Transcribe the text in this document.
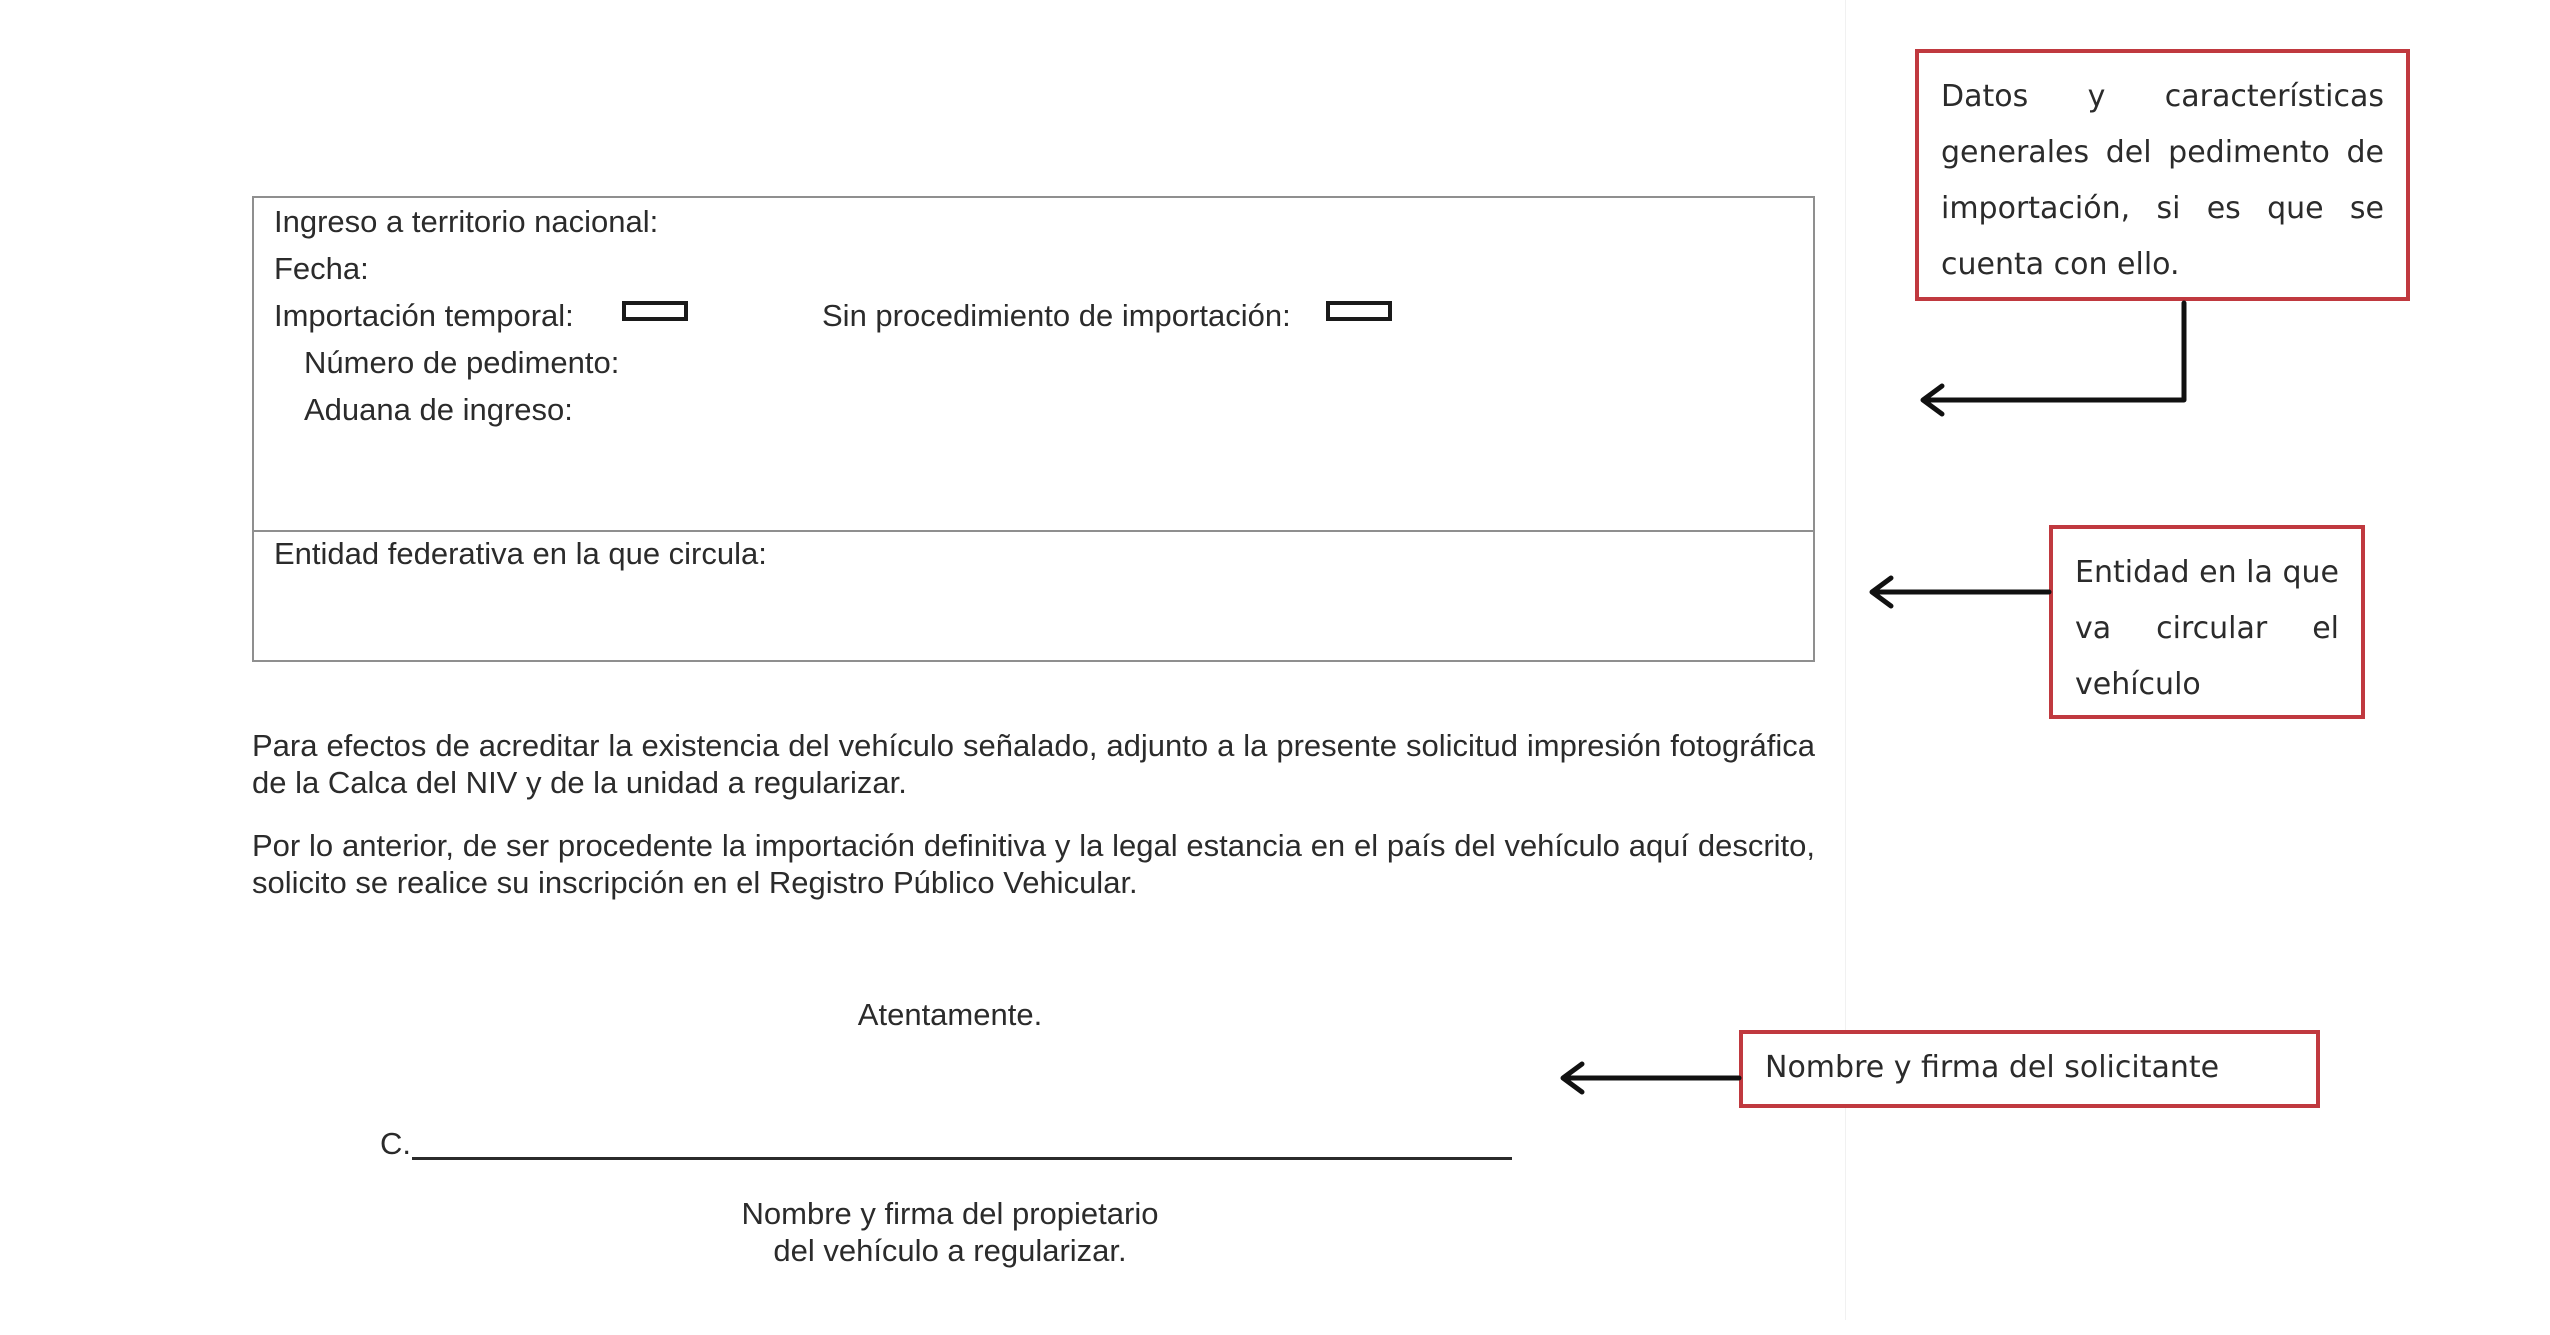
Ingreso a territorio nacional:
Fecha:
Importación temporal:	Sin procedimiento de importación:
Número de pedimento:
Aduana de ingreso:
Entidad federativa en la que circula:

Para efectos de acreditar la existencia del vehículo señalado, adjunto a la presente solicitud impresión fotográfica de la Calca del NIV y de la unidad a regularizar.

Por lo anterior, de ser procedente la importación definitiva y la legal estancia en el país del vehículo aquí descrito, solicito se realice su inscripción en el Registro Público Vehicular.

Atentamente.
C.
Nombre y firma del propietario
del vehículo a regularizar.

Datos y características generales del pedimento de importación, si es que se cuenta con ello.

Entidad en la que va circular el vehículo

Nombre y firma del solicitante
